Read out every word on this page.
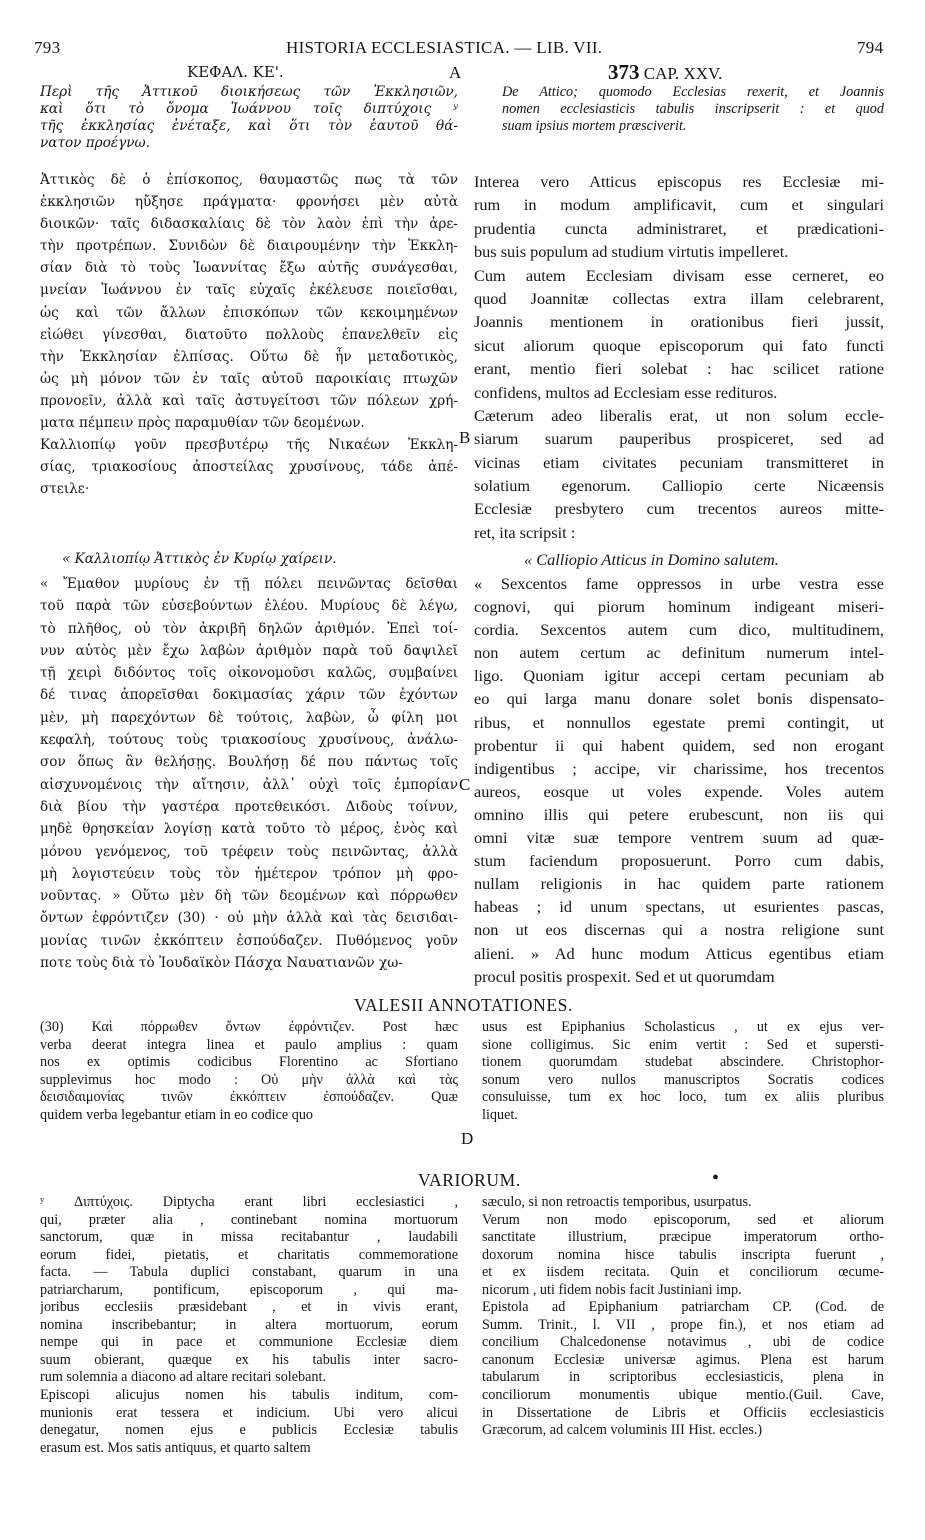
793	HISTORIA ECCLESIASTICA. — LIB. VII.	794
ΚΕΦΑΛ. ΚΕ'.	A	373 CAP. XXV.
Περὶ τῆς Ἀττικοῦ διοικήσεως τῶν Ἐκκλησιῶν,
καὶ ὅτι τὸ ὄνομα Ἰωάννου τοῖς διπτύχοις ʸ
τῆς ἐκκλησίας ἐνέταξε, καὶ ὅτι τὸν ἑαυτοῦ θά-
νατον προέγνω.
De Attico; quomodo Ecclesias rexerit, et Joannis
nomen ecclesiasticis tabulis inscripserit : et quod
suam ipsius mortem præsciverit.
Ἀττικὸς δὲ ὁ ἐπίσκοπος, θαυμαστῶς πως τὰ τῶν
ἐκκλησιῶν ηὔξησε πράγματα· φρονήσει μὲν αὐτὰ
διοικῶν· ταῖς διδασκαλίαις δὲ τὸν λαὸν ἐπὶ τὴν ἀρε-
τὴν προτρέπων. Συνιδὼν δὲ διαιρουμένην τὴν Ἐκκλη-
σίαν διὰ τὸ τοὺς Ἰωαννίτας ἔξω αὐτῆς συνάγεσθαι,
μνείαν Ἰωάννου ἐν ταῖς εὐχαῖς ἐκέλευσε ποιεῖσθαι,
ὡς καὶ τῶν ἄλλων ἐπισκόπων τῶν κεκοιμημένων
εἰώθει γίνεσθαι, διατοῦτο πολλοὺς ἐπανελθεῖν εἰς
τὴν Ἐκκλησίαν ἐλπίσας. Οὕτω δὲ ἦν μεταδοτικὸς,
ὡς μὴ μόνον τῶν ἐν ταῖς αὐτοῦ παροικίαις πτωχῶν
προνοεῖν, ἀλλὰ καὶ ταῖς ἀστυγείτοσι τῶν πόλεων χρή-
ματα πέμπειν πρὸς παραμυθίαν τῶν δεομένων.
Καλλιοπίῳ γοῦν πρεσβυτέρῳ τῆς Νικαέων Ἐκκλη-
σίας, τριακοσίους ἀποστείλας χρυσίνους, τάδε ἀπέ-
στειλε·
« Καλλιοπίῳ Ἀττικὸς ἐν Κυρίῳ χαίρειν.
« Ἔμαθον μυρίους ἐν τῇ πόλει πεινῶντας δεῖσθαι
τοῦ παρὰ τῶν εὐσεβούντων ἐλέου. Μυρίους δὲ λέγω,
τὸ πλῆθος, οὐ τὸν ἀκριβῆ δηλῶν ἀριθμόν. Ἐπεὶ τοί-
νυν αὐτὸς μὲν ἔχω λαβὼν ἀριθμὸν παρὰ τοῦ δαψιλεῖ
τῇ χειρὶ διδόντος τοῖς οἰκονομοῦσι καλῶς, συμβαίνει
δέ τινας ἀπορεῖσθαι δοκιμασίας χάριν τῶν ἐχόντων
μὲν, μὴ παρεχόντων δὲ τούτοις, λαβὼν, ὦ φίλη μοι
κεφαλὴ, τούτους τοὺς τριακοσίους χρυσίνους, ἀνάλω-
σον ὅπως ἂν θελήσῃς. Βουλήσῃ δέ που πάντως τοῖς
αἰσχυνομένοις τὴν αἴτησιν, ἀλλ᾽ οὐχὶ τοῖς ἐμπορίαν
διὰ βίου τὴν γαστέρα προτεθεικόσι. Διδοὺς τοίνυν,
μηδὲ θρησκείαν λογίσῃ κατὰ τοῦτο τὸ μέρος, ἑνὸς καὶ
μόνου γενόμενος, τοῦ τρέφειν τοὺς πεινῶντας, ἀλλὰ
μὴ λογιστεύειν τοὺς τὸν ἡμέτερον τρόπον μὴ φρο-
νοῦντας. » Οὕτω μὲν δὴ τῶν δεομένων καὶ πόρρωθεν
ὄντων ἐφρόντιζεν (30) · οὐ μὴν ἀλλὰ καὶ τὰς δεισιδαι-
μονίας τινῶν ἐκκόπτειν ἐσπούδαζεν. Πυθόμενος γοῦν
ποτε τοὺς διὰ τὸ Ἰουδαϊκὸν Πάσχα Ναυατιανῶν χω-
Interea vero Atticus episcopus res Ecclesiæ mi-
rum in modum amplificavit, cum et singulari
prudentia cuncta administraret, et prædicationi-
bus suis populum ad studium virtutis impelleret.
Cum autem Ecclesiam divisam esse cerneret, eo
quod Joannitæ collectas extra illam celebrarent,
Joannis mentionem in orationibus fieri jussit,
sicut aliorum quoque episcoporum qui fato functi
erant, mentio fieri solebat : hac scilicet ratione
confidens, multos ad Ecclesiam esse redituros.
Cæterum adeo liberalis erat, ut non solum eccle-
siarum suarum pauperibus prospiceret, sed ad
vicinas etiam civitates pecuniam transmitteret in
solatium egenorum. Calliopio certe Nicæensis
Ecclesiæ presbytero cum trecentos aureos mitte-
ret, ita scripsit :
« Calliopio Atticus in Domino salutem.
« Sexcentos fame oppressos in urbe vestra esse
cognovi, qui piorum hominum indigeant miseri-
cordia. Sexcentos autem cum dico, multitudinem,
non autem certum ac definitum numerum intel-
ligo. Quoniam igitur accepi certam pecuniam ab
eo qui larga manu donare solet bonis dispensato-
ribus, et nonnullos egestate premi contingit, ut
probentur ii qui habent quidem, sed non erogant
indigentibus ; accipe, vir charissime, hos trecentos
aureos, eosque ut voles expende. Voles autem
omnino illis qui petere erubescunt, non iis qui
omni vitæ suæ tempore ventrem suum ad quæ-
stum faciendum proposuerunt. Porro cum dabis,
nullam religionis in hac quidem parte rationem
habeas ; id unum spectans, ut esurientes pascas,
non ut eos discernas qui a nostra religione sunt
alieni. » Ad hunc modum Atticus egentibus etiam
procul positis prospexit. Sed et ut quorumdam
B
C
D
VALESII ANNOTATIONES.
(30) Καὶ πόρρωθεν ὄντων ἐφρόντιζεν. Post hæc
verba deerat integra linea et paulo amplius : quam
nos ex optimis codicibus Florentino ac Sfortiano
supplevimus hoc modo : Οὐ μὴν ἀλλὰ καὶ τὰς
δεισιδαιμονίας τινῶν ἐκκόπτειν ἐσπούδαζεν. Quæ
quidem verba legebantur etiam in eo codice quo
usus est Epiphanius Scholasticus , ut ex ejus ver-
sione colligimus. Sic enim vertit : Sed et supersti-
tionem quorumdam studebat abscindere. Christophor-
sonum vero nullos manuscriptos Socratis codices
consuluisse, tum ex hoc loco, tum ex aliis pluribus
liquet.
VARIORUM.	•
ʸ Διπτύχοις. Diptycha erant libri ecclesiastici ,
qui, præter alia , continebant nomina mortuorum
sanctorum, quæ in missa recitabantur , laudabili
eorum fidei, pietatis, et charitatis commemoratione
facta. — Tabula duplici constabant, quarum in una
patriarcharum, pontificum, episcoporum , qui ma-
joribus ecclesiis præsidebant , et in vivis erant,
nomina inscribebantur; in altera mortuorum, eorum
nempe qui in pace et communione Ecclesiæ diem
suum obierant, quæque ex his tabulis inter sacro-
rum solemnia a diacono ad altare recitari solebant.
Episcopi alicujus nomen his tabulis inditum, com-
munionis erat tessera et indicium. Ubi vero alicui
denegatur, nomen ejus e publicis Ecclesiæ tabulis
erasum est. Mos satis antiquus, et quarto saltem
sæculo, si non retroactis temporibus, usurpatus.
Verum non modo episcoporum, sed et aliorum
sanctitate illustrium, præcipue imperatorum ortho-
doxorum nomina hisce tabulis inscripta fuerunt ,
et ex iisdem recitata. Quin et conciliorum œcume-
nicorum , uti fidem nobis facit Justiniani imp.
Epistola ad Epiphanium patriarcham CP. (Cod. de
Summ. Trinit., l. VII , prope fin.), et nos etiam ad
concilium Chalcedonense notavimus , ubi de codice
canonum Ecclesiæ universæ agimus. Plena est harum
tabularum in scriptoribus ecclesiasticis, plena in
conciliorum monumentis ubique mentio.(Guil. Cave,
in Dissertatione de Libris et Officiis ecclesiasticis
Græcorum, ad calcem voluminis III Hist. eccles.)
